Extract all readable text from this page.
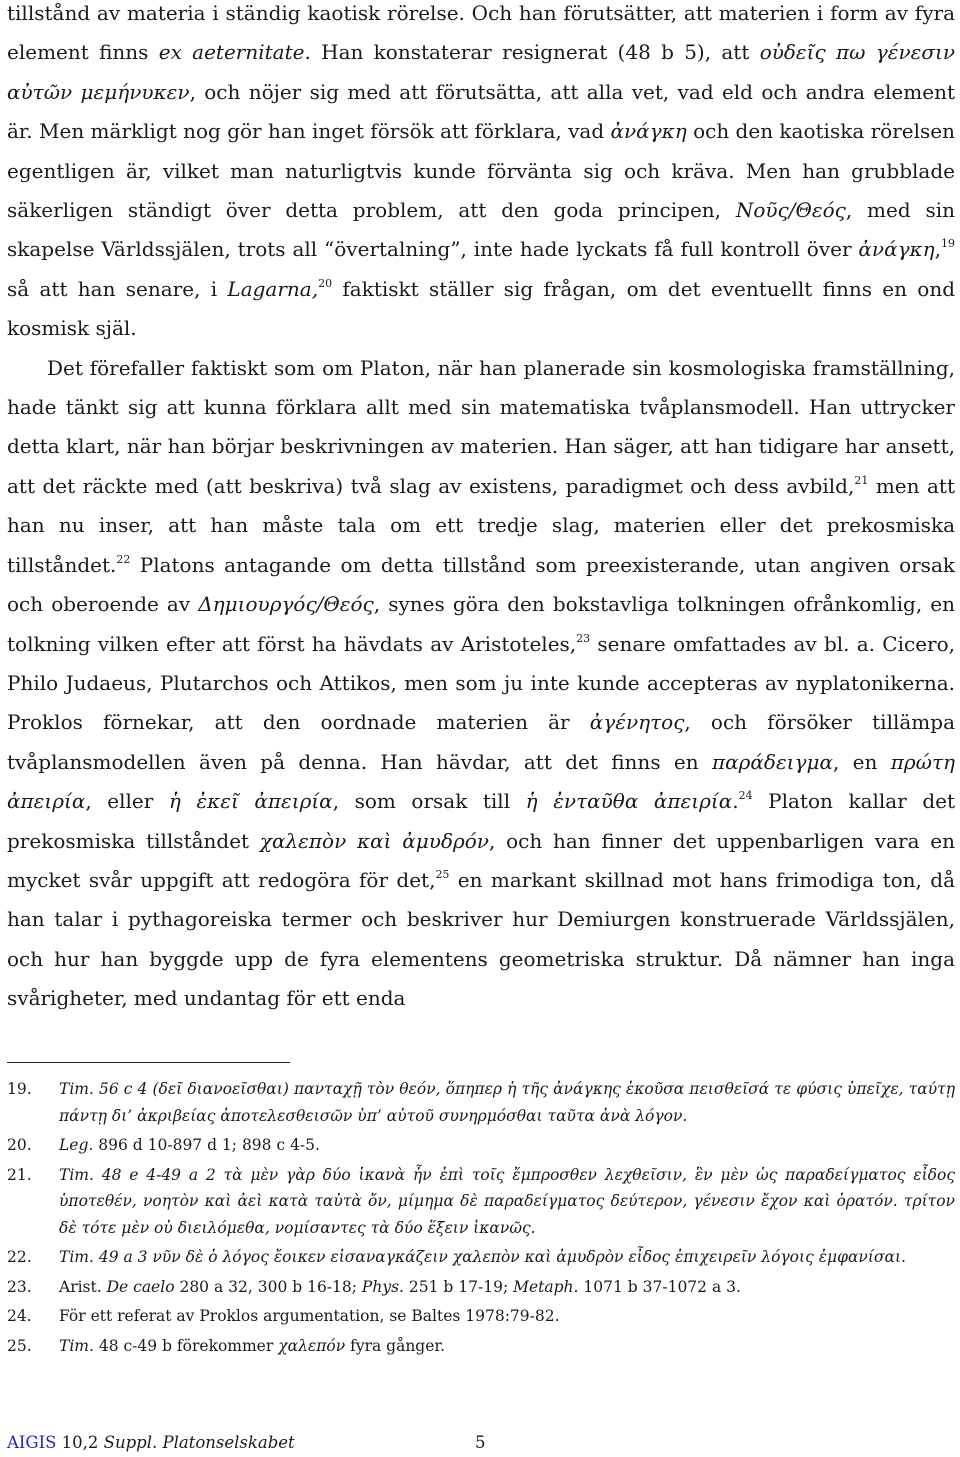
tillstånd av materia i ständig kaotisk rörelse. Och han förutsätter, att materien i form av fyra element finns ex aeternitate. Han konstaterar resignerat (48 b 5), att οὐδεῖς πω γένεσιν αὐτῶν μεμήνυκεν, och nöjer sig med att förutsätta, att alla vet, vad eld och andra element är. Men märkligt nog gör han inget försök att förklara, vad ἀνάγκη och den kaotiska rörelsen egentligen är, vilket man naturligtvis kunde förvänta sig och kräva. Men han grubblade säkerligen ständigt över detta problem, att den goda principen, Νοῦς/Θεός, med sin skapelse Världssjälen, trots all “övertalning”, inte hade lyckats få full kontroll över ἀνάγκη,$^{19}$ så att han senare, i Lagarna,$^{20}$ faktiskt ställer sig frågan, om det eventuellt finns en ond kosmisk själ.

Det förefaller faktiskt som om Platon, när han planerade sin kosmologiska framställning, hade tänkt sig att kunna förklara allt med sin matematiska tvåplansmodell. Han uttrycker detta klart, när han börjar beskrivningen av materien. Han säger, att han tidigare har ansett, att det räckte med (att beskriva) två slag av existens, paradigmet och dess avbild,$^{21}$ men att han nu inser, att han måste tala om ett tredje slag, materien eller det prekosmiska tillståndet.$^{22}$ Platons antagande om detta tillstånd som preexisterande, utan angiven orsak och oberoende av Δημιουργός/Θεός, synes göra den bokstavliga tolkningen ofrånkomlig, en tolkning vilken efter att först ha hävdats av Aristoteles,$^{23}$ senare omfattades av bl. a. Cicero, Philo Judaeus, Plutarchos och Attikos, men som ju inte kunde accepteras av nyplatonikerna. Proklos förnekar, att den oordnade materien är ἀγένητος, och försöker tillämpa tvåplansmodellen även på denna. Han hävdar, att det finns en παράδειγμα, en πρώτη ἀπειρία, eller ἡ ἐκεῖ ἀπειρία, som orsak till ἡ ἐνταῦθα ἀπειρία.$^{24}$ Platon kallar det prekosmiska tillståndet χαλεπὸν καὶ ἀμυδρόν, och han finner det uppenbarligen vara en mycket svår uppgift att redogöra för det,$^{25}$ en markant skillnad mot hans frimodiga ton, då han talar i pythagoreiska termer och beskriver hur Demiurgen konstruerade Världssjälen, och hur han byggde upp de fyra elementens geometriska struktur. Då nämner han inga svårigheter, med undantag för ett enda

19.	Tim. 56 c 4 (δεῖ διανοεῖσθαι) πανταχῇ τὸν θεόν, ὅπηπερ ἡ τῆς ἀνάγκης ἑκοῦσα πεισθεῖσά τε φύσις ὑπεῖχε, ταύτῃ πάντῃ δι’ ἀκριβείας ἀποτελεσθεισῶν ὑπ’ αὐτοῦ συνηρμόσθαι ταῦτα ἀνὰ λόγον.
20.	Leg. 896 d 10-897 d 1; 898 c 4-5.
21.	Tim. 48 e 4-49 a 2 τὰ μὲν γὰρ δύο ἱκανὰ ἦν ἐπὶ τοῖς ἔμπροσθεν λεχθεῖσιν, ἓν μὲν ὡς παραδείγματος εἶδος ὑποτεθέν, νοητὸν καὶ ἀεὶ κατὰ ταὐτὰ ὄν, μίμημα δὲ παραδείγματος δεύτερον, γένεσιν ἔχον καὶ ὁρατόν. τρίτον δὲ τότε μὲν οὐ διειλόμεθα, νομίσαντες τὰ δύο ἕξειν ἱκανῶς.
22.	Tim. 49 a 3 νῦν δὲ ὁ λόγος ἔοικεν εἰσαναγκάζειν χαλεπὸν καὶ ἀμυδρὸν εἶδος ἐπιχειρεῖν λόγοις ἐμφανίσαι.
23.	Arist. De caelo 280 a 32, 300 b 16-18; Phys. 251 b 17-19; Metaph. 1071 b 37-1072 a 3.
24.	För ett referat av Proklos argumentation, se Baltes 1978:79-82.
25.	Tim. 48 c-49 b förekommer χαλεπόν fyra gånger.
AIGIS 10,2 Suppl. Platonselskabet	5
